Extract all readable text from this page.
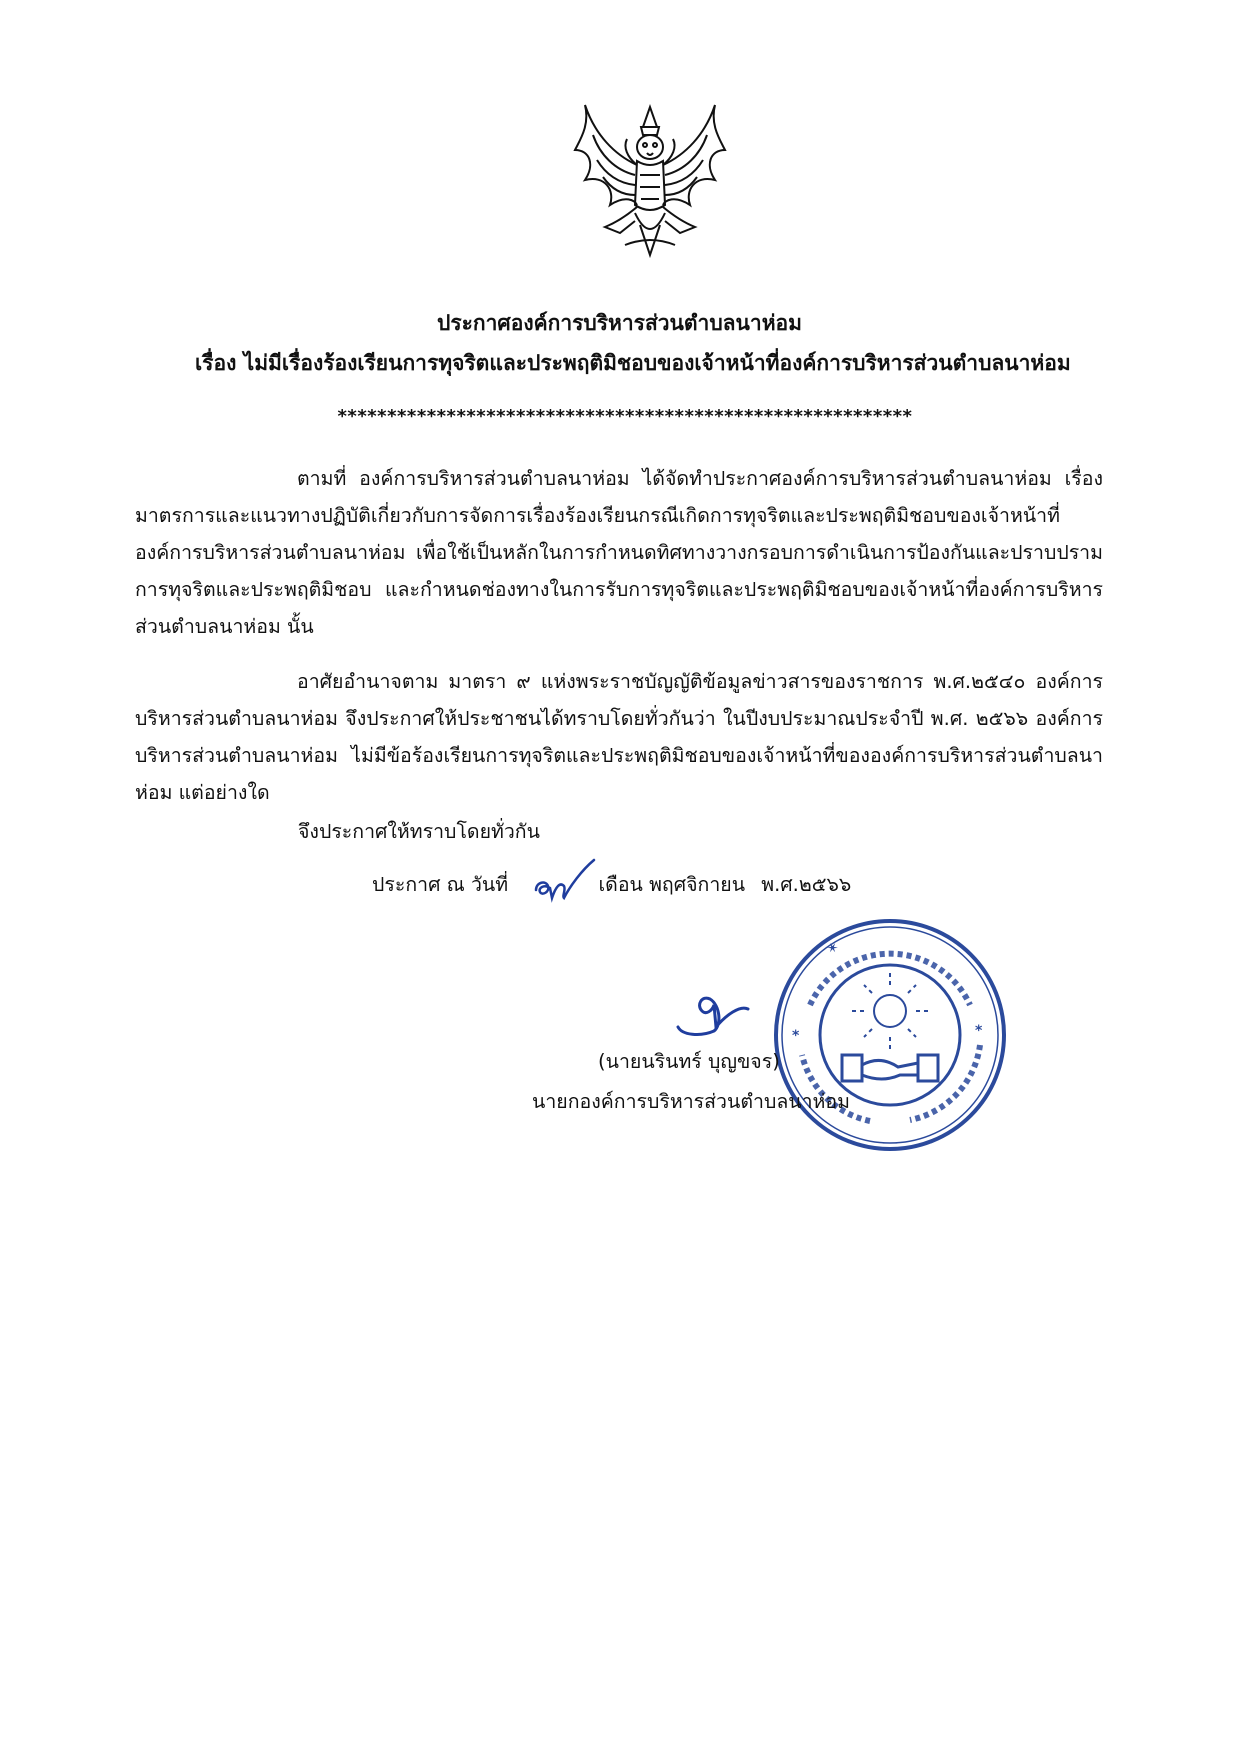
ประกาศองค์การบริหารส่วนตำบลนาห่อม
เรื่อง ไม่มีเรื่องร้องเรียนการทุจริตและประพฤติมิชอบของเจ้าหน้าที่องค์การบริหารส่วนตำบลนาห่อม
**********************************************************
ตามที่ องค์การบริหารส่วนตำบลนาห่อม ได้จัดทำประกาศองค์การบริหารส่วนตำบลนาห่อม เรื่อง มาตรการและแนวทางปฏิบัติเกี่ยวกับการจัดการเรื่องร้องเรียนกรณีเกิดการทุจริตและประพฤติมิชอบของเจ้าหน้าที่องค์การบริหารส่วนตำบลนาห่อม เพื่อใช้เป็นหลักในการกำหนดทิศทางวางกรอบการดำเนินการป้องกันและปราบปรามการทุจริตและประพฤติมิชอบ และกำหนดช่องทางในการรับการทุจริตและประพฤติมิชอบของเจ้าหน้าที่องค์การบริหารส่วนตำบลนาห่อม นั้น
อาศัยอำนาจตาม มาตรา ๙ แห่งพระราชบัญญัติข้อมูลข่าวสารของราชการ พ.ศ.๒๕๔๐ องค์การบริหารส่วนตำบลนาห่อม จึงประกาศให้ประชาชนได้ทราบโดยทั่วกันว่า ในปีงบประมาณประจำปี พ.ศ. ๒๕๖๖ องค์การบริหารส่วนตำบลนาห่อม ไม่มีข้อร้องเรียนการทุจริตและประพฤติมิชอบของเจ้าหน้าที่ขององค์การบริหารส่วนตำบลนาห่อม แต่อย่างใด
จึงประกาศให้ทราบโดยทั่วกัน
ประกาศ ณ วันที่	เดือน พฤศจิกายน พ.ศ.๒๕๖๖
✶
*
*
(นายนรินทร์ บุญขจร)
นายกองค์การบริหารส่วนตำบลนาห่อม
